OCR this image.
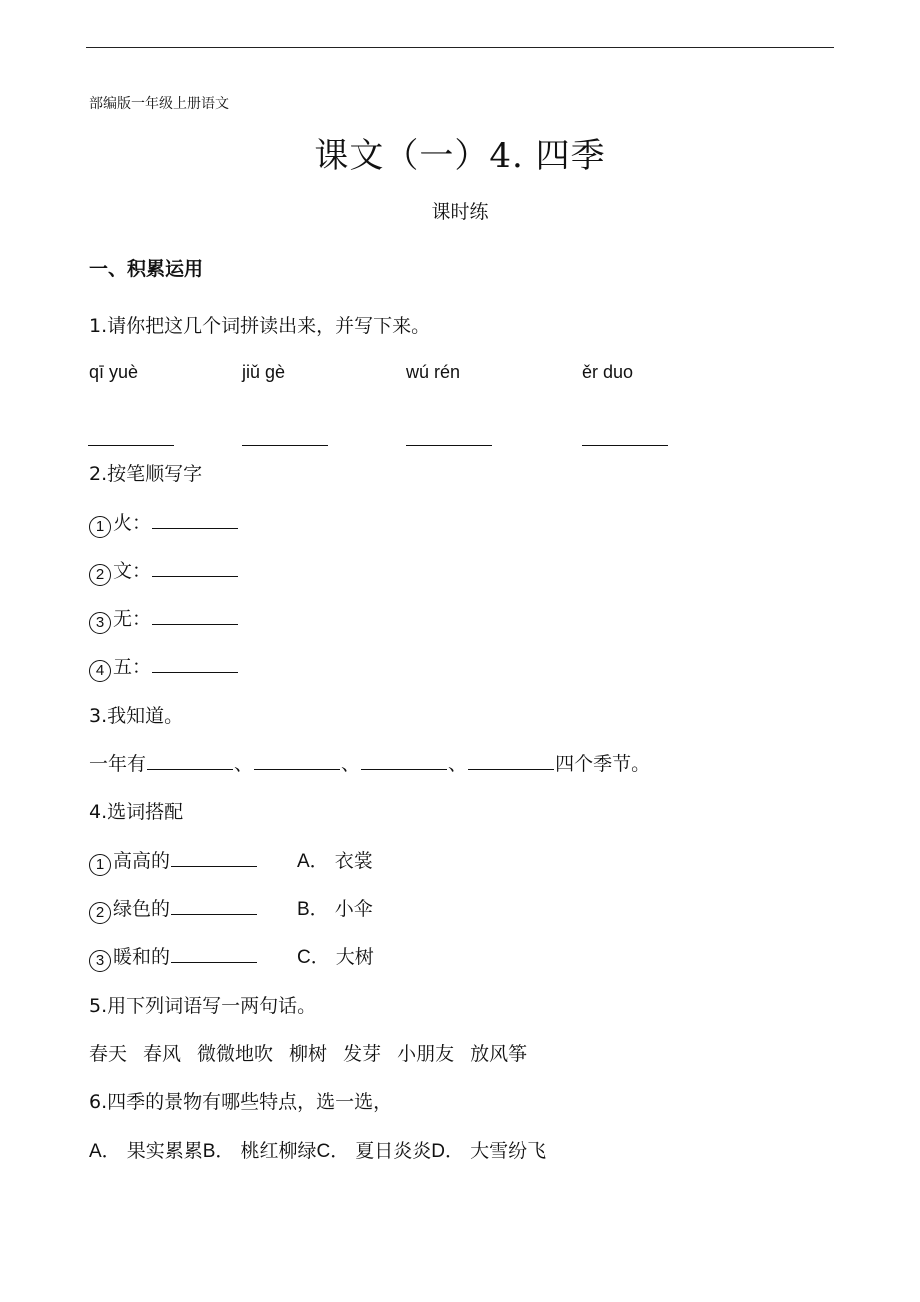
部编版一年级上册语文
课文（一）4. 四季
课时练
一、积累运用
1.请你把这几个词拼读出来，并写下来。
qī yuè	jiǔ gè	wú rén	ěr duo
2.按笔顺写字
1 火：
2 文：
3 无：
4 五：
3.我知道。
一年有	、	、	、	四个季节。
4.选词搭配
1 高高的	A． 衣裳
2 绿色的	B． 小伞
3 暖和的	C． 大树
5.用下列词语写一两句话。
春天 春风 微微地吹 柳树 发芽 小朋友 放风筝
6.四季的景物有哪些特点，选一选，
A． 果实累累B． 桃红柳绿C． 夏日炎炎D． 大雪纷飞
